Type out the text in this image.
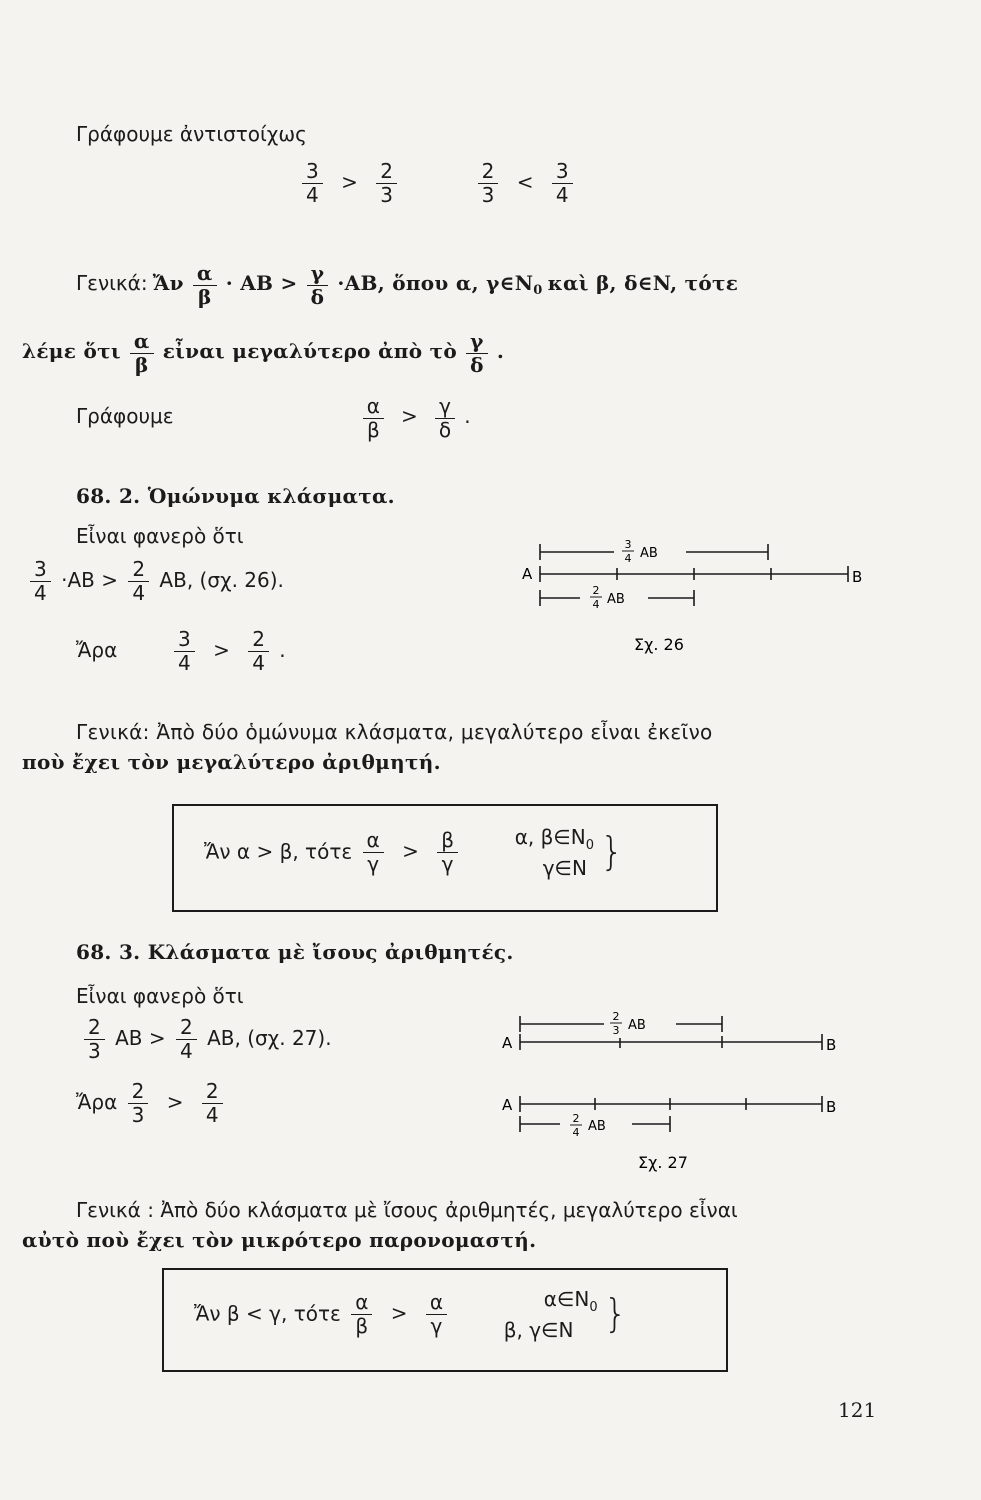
Γράφουμε ἀντιστοίχως
$\frac{3}{4} > \frac{2}{3}$
	$\frac{2}{3} < \frac{3}{4}$
Γενικά: Ἄν $\frac{\alpha}{\beta}$ · AB > $\frac{\gamma}{\delta} \cdot AB$, ὅπου α, $\gamma\in N_0$ καὶ β, δ∈N, τότε
λέμε ὅτι $\frac{\alpha}{\beta}$ εἶναι μεγαλύτερο ἀπὸ τὸ $\frac{\gamma}{\delta}$ .
Γράφουμε	$\frac{\alpha}{\beta} > \frac{\gamma}{\delta}$ .
68. 2. Ὁμώνυμα κλάσματα.
Εἶναι φανερὸ ὅτι
$\frac{3}{4} \cdot AB > \frac{2}{4}$ AB, (σχ. 26).
Ἄρα	$\frac{3}{4} > \frac{2}{4}$ .
3
4 AB
2
4 AB
A	B
Σχ. 26
Γενικά: Ἀπὸ δύο ὁμώνυμα κλάσματα, μεγαλύτερο εἶναι ἐκεῖνο
ποὺ ἔχει τὸν μεγαλύτερο ἀριθμητή.
Ἄν α > β, τότε $\frac{\alpha}{\gamma} > \frac{\beta}{\gamma}$
	α, $\beta\in N_0$
γ∈N }
68. 3. Κλάσματα μὲ ἴσους ἀριθμητές.
Εἶναι φανερὸ ὅτι
$\frac{2}{3}$ AB > $\frac{2}{4}$ AB, (σχ. 27).
Ἄρα $\frac{2}{3} > \frac{2}{4}$
2
3 AB
2
4 AB
A	B
A	B
Σχ. 27
Γενικά : Ἀπὸ δύο κλάσματα μὲ ἴσους ἀριθμητές, μεγαλύτερο εἶναι
αὐτὸ ποὺ ἔχει τὸν μικρότερο παρονομαστή.
Ἄν β < γ, τότε $\frac{\alpha}{\beta} > \frac{\alpha}{\gamma}$
	$\alpha\in N_0$
β, γ∈N }
121
